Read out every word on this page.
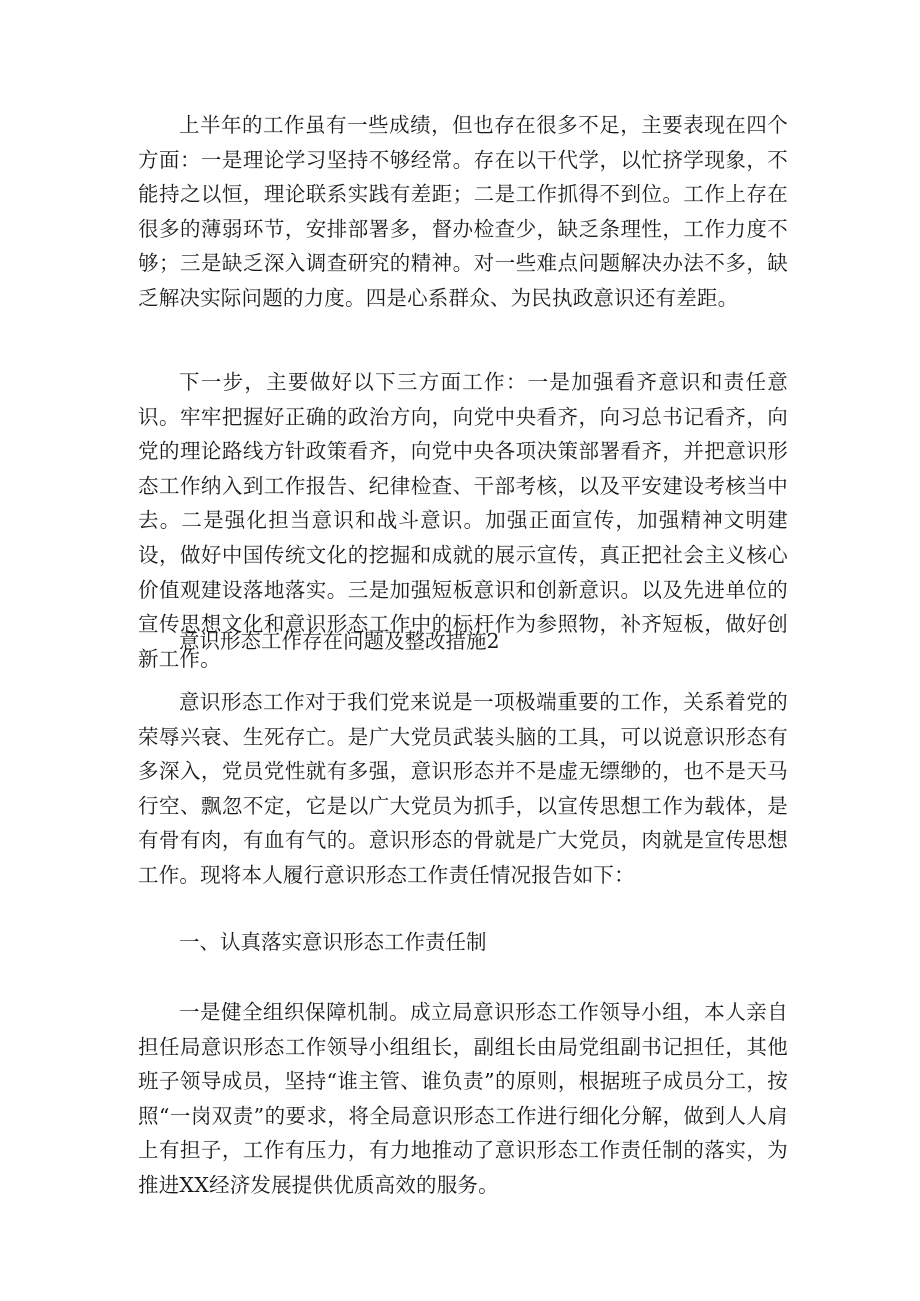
上半年的工作虽有一些成绩，但也存在很多不足，主要表现在四个方面：一是理论学习坚持不够经常。存在以干代学，以忙挤学现象，不能持之以恒，理论联系实践有差距；二是工作抓得不到位。工作上存在很多的薄弱环节，安排部署多，督办检查少，缺乏条理性，工作力度不够；三是缺乏深入调查研究的精神。对一些难点问题解决办法不多，缺乏解决实际问题的力度。四是心系群众、为民执政意识还有差距。

下一步，主要做好以下三方面工作：一是加强看齐意识和责任意识。牢牢把握好正确的政治方向，向党中央看齐，向习总书记看齐，向党的理论路线方针政策看齐，向党中央各项决策部署看齐，并把意识形态工作纳入到工作报告、纪律检查、干部考核，以及平安建设考核当中去。二是强化担当意识和战斗意识。加强正面宣传，加强精神文明建设，做好中国传统文化的挖掘和成就的展示宣传，真正把社会主义核心价值观建设落地落实。三是加强短板意识和创新意识。以及先进单位的宣传思想文化和意识形态工作中的标杆作为参照物，补齐短板，做好创新工作。

意识形态工作存在问题及整改措施2

意识形态工作对于我们党来说是一项极端重要的工作，关系着党的荣辱兴衰、生死存亡。是广大党员武装头脑的工具，可以说意识形态有多深入，党员党性就有多强，意识形态并不是虚无缥缈的，也不是天马行空、飘忽不定，它是以广大党员为抓手，以宣传思想工作为载体，是有骨有肉，有血有气的。意识形态的骨就是广大党员，肉就是宣传思想工作。现将本人履行意识形态工作责任情况报告如下：

一、认真落实意识形态工作责任制

一是健全组织保障机制。成立局意识形态工作领导小组，本人亲自担任局意识形态工作领导小组组长，副组长由局党组副书记担任，其他班子领导成员，坚持“谁主管、谁负责”的原则，根据班子成员分工，按照“一岗双责”的要求，将全局意识形态工作进行细化分解，做到人人肩上有担子，工作有压力，有力地推动了意识形态工作责任制的落实，为推进XX经济发展提供优质高效的服务。
